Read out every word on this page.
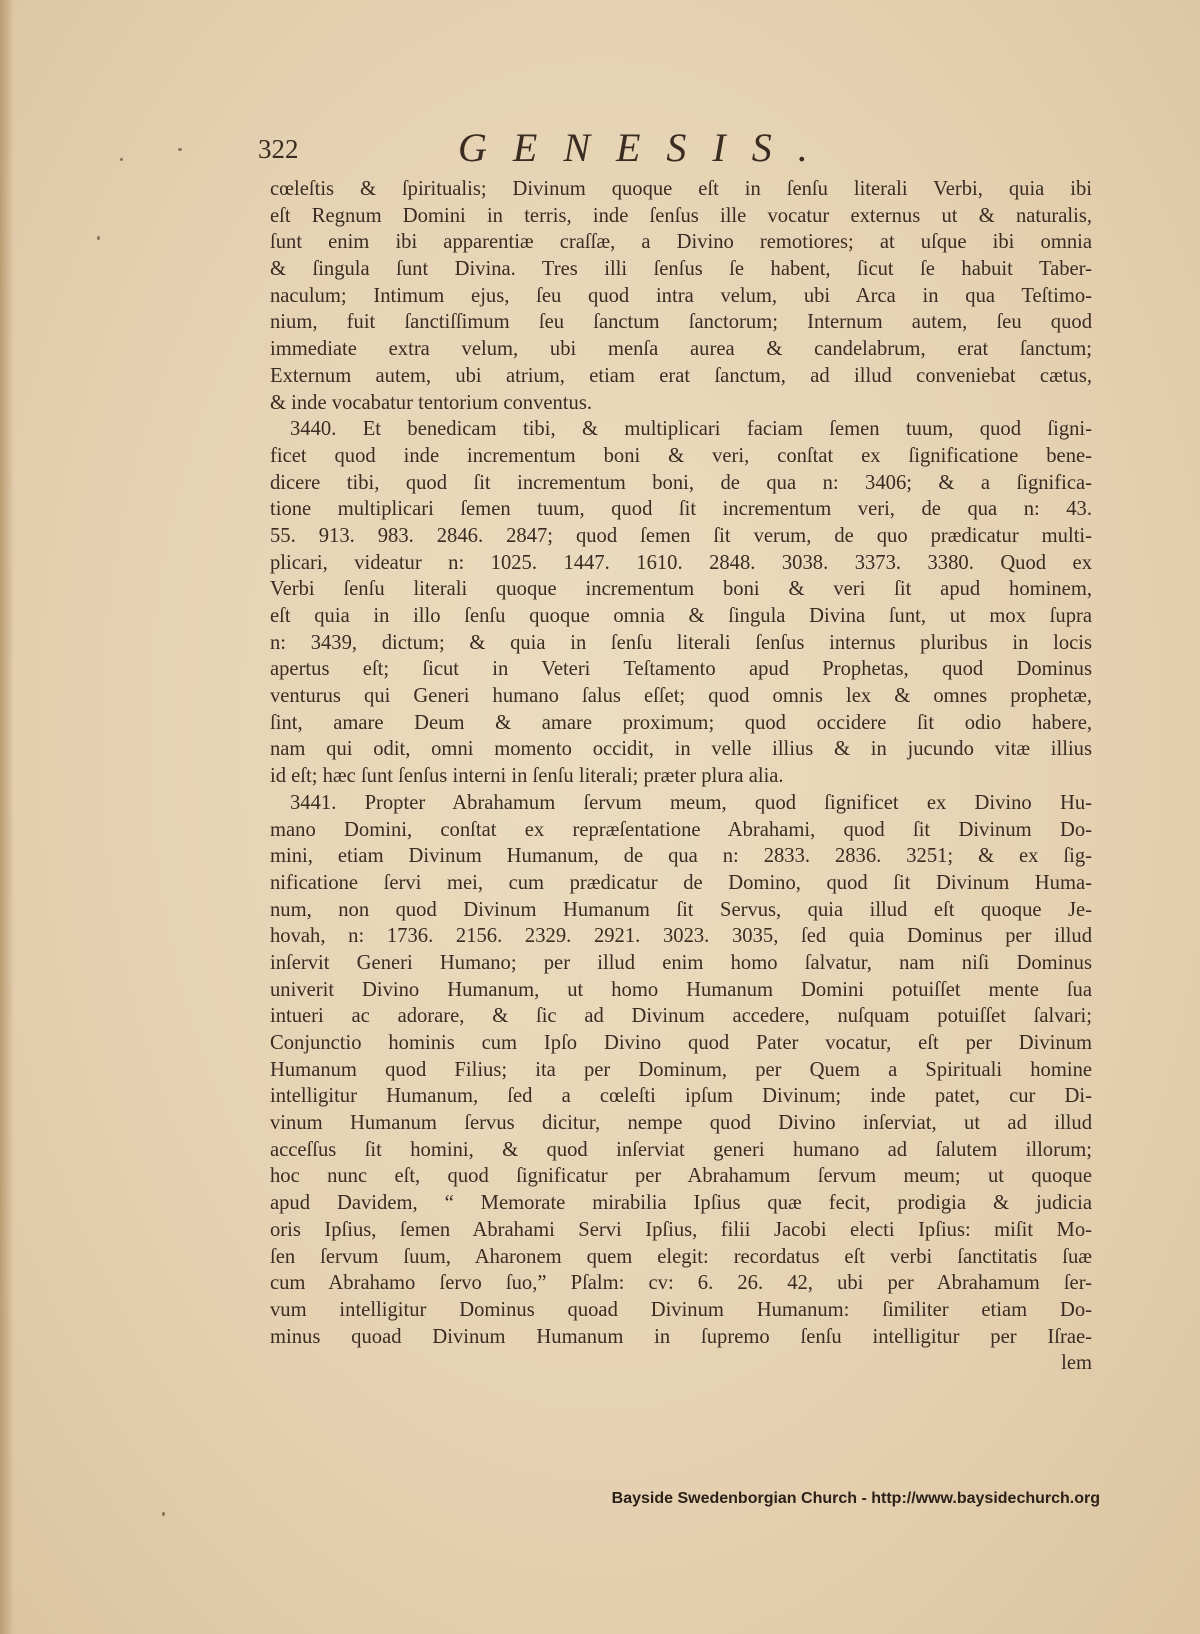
322	GENESIS.
cœleſtis & ſpiritualis; Divinum quoque eſt in ſenſu literali Verbi, quia ibi
eſt Regnum Domini in terris, inde ſenſus ille vocatur externus ut & naturalis,
ſunt enim ibi apparentiæ craſſæ, a Divino remotiores; at uſque ibi omnia
& ſingula ſunt Divina. Tres illi ſenſus ſe habent, ſicut ſe habuit Taber-
naculum; Intimum ejus, ſeu quod intra velum, ubi Arca in qua Teſtimo-
nium, fuit ſanctiſſimum ſeu ſanctum ſanctorum; Internum autem, ſeu quod
immediate extra velum, ubi menſa aurea & candelabrum, erat ſanctum;
Externum autem, ubi atrium, etiam erat ſanctum, ad illud conveniebat cætus,
& inde vocabatur tentorium conventus.
3440. Et benedicam tibi, & multiplicari faciam ſemen tuum, quod ſigni-
ficet quod inde incrementum boni & veri, conſtat ex ſignificatione bene-
dicere tibi, quod ſit incrementum boni, de qua n: 3406; & a ſignifica-
tione multiplicari ſemen tuum, quod ſit incrementum veri, de qua n: 43.
55. 913. 983. 2846. 2847; quod ſemen ſit verum, de quo prædicatur multi-
plicari, videatur n: 1025. 1447. 1610. 2848. 3038. 3373. 3380. Quod ex
Verbi ſenſu literali quoque incrementum boni & veri ſit apud hominem,
eſt quia in illo ſenſu quoque omnia & ſingula Divina ſunt, ut mox ſupra
n: 3439, dictum; & quia in ſenſu literali ſenſus internus pluribus in locis
apertus eſt; ſicut in Veteri Teſtamento apud Prophetas, quod Dominus
venturus qui Generi humano ſalus eſſet; quod omnis lex & omnes prophetæ,
ſint, amare Deum & amare proximum; quod occidere ſit odio habere,
nam qui odit, omni momento occidit, in velle illius & in jucundo vitæ illius
id eſt; hæc ſunt ſenſus interni in ſenſu literali; præter plura alia.
3441. Propter Abrahamum ſervum meum, quod ſignificet ex Divino Hu-
mano Domini, conſtat ex repræſentatione Abrahami, quod ſit Divinum Do-
mini, etiam Divinum Humanum, de qua n: 2833. 2836. 3251; & ex ſig-
nificatione ſervi mei, cum prædicatur de Domino, quod ſit Divinum Huma-
num, non quod Divinum Humanum ſit Servus, quia illud eſt quoque Je-
hovah, n: 1736. 2156. 2329. 2921. 3023. 3035, ſed quia Dominus per illud
inſervit Generi Humano; per illud enim homo ſalvatur, nam niſi Dominus
univerit Divino Humanum, ut homo Humanum Domini potuiſſet mente ſua
intueri ac adorare, & ſic ad Divinum accedere, nuſquam potuiſſet ſalvari;
Conjunctio hominis cum Ipſo Divino quod Pater vocatur, eſt per Divinum
Humanum quod Filius; ita per Dominum, per Quem a Spirituali homine
intelligitur Humanum, ſed a cœleſti ipſum Divinum; inde patet, cur Di-
vinum Humanum ſervus dicitur, nempe quod Divino inſerviat, ut ad illud
acceſſus ſit homini, & quod inſerviat generi humano ad ſalutem illorum;
hoc nunc eſt, quod ſignificatur per Abrahamum ſervum meum; ut quoque
apud Davidem, “ Memorate mirabilia Ipſius quæ fecit, prodigia & judicia
oris Ipſius, ſemen Abrahami Servi Ipſius, filii Jacobi electi Ipſius: miſit Mo-
ſen ſervum ſuum, Aharonem quem elegit: recordatus eſt verbi ſanctitatis ſuæ
cum Abrahamo ſervo ſuo,” Pſalm: cv: 6. 26. 42, ubi per Abrahamum ſer-
vum intelligitur Dominus quoad Divinum Humanum: ſimiliter etiam Do-
minus quoad Divinum Humanum in ſupremo ſenſu intelligitur per Iſrae-
lem
Bayside Swedenborgian Church - http://www.baysidechurch.org
